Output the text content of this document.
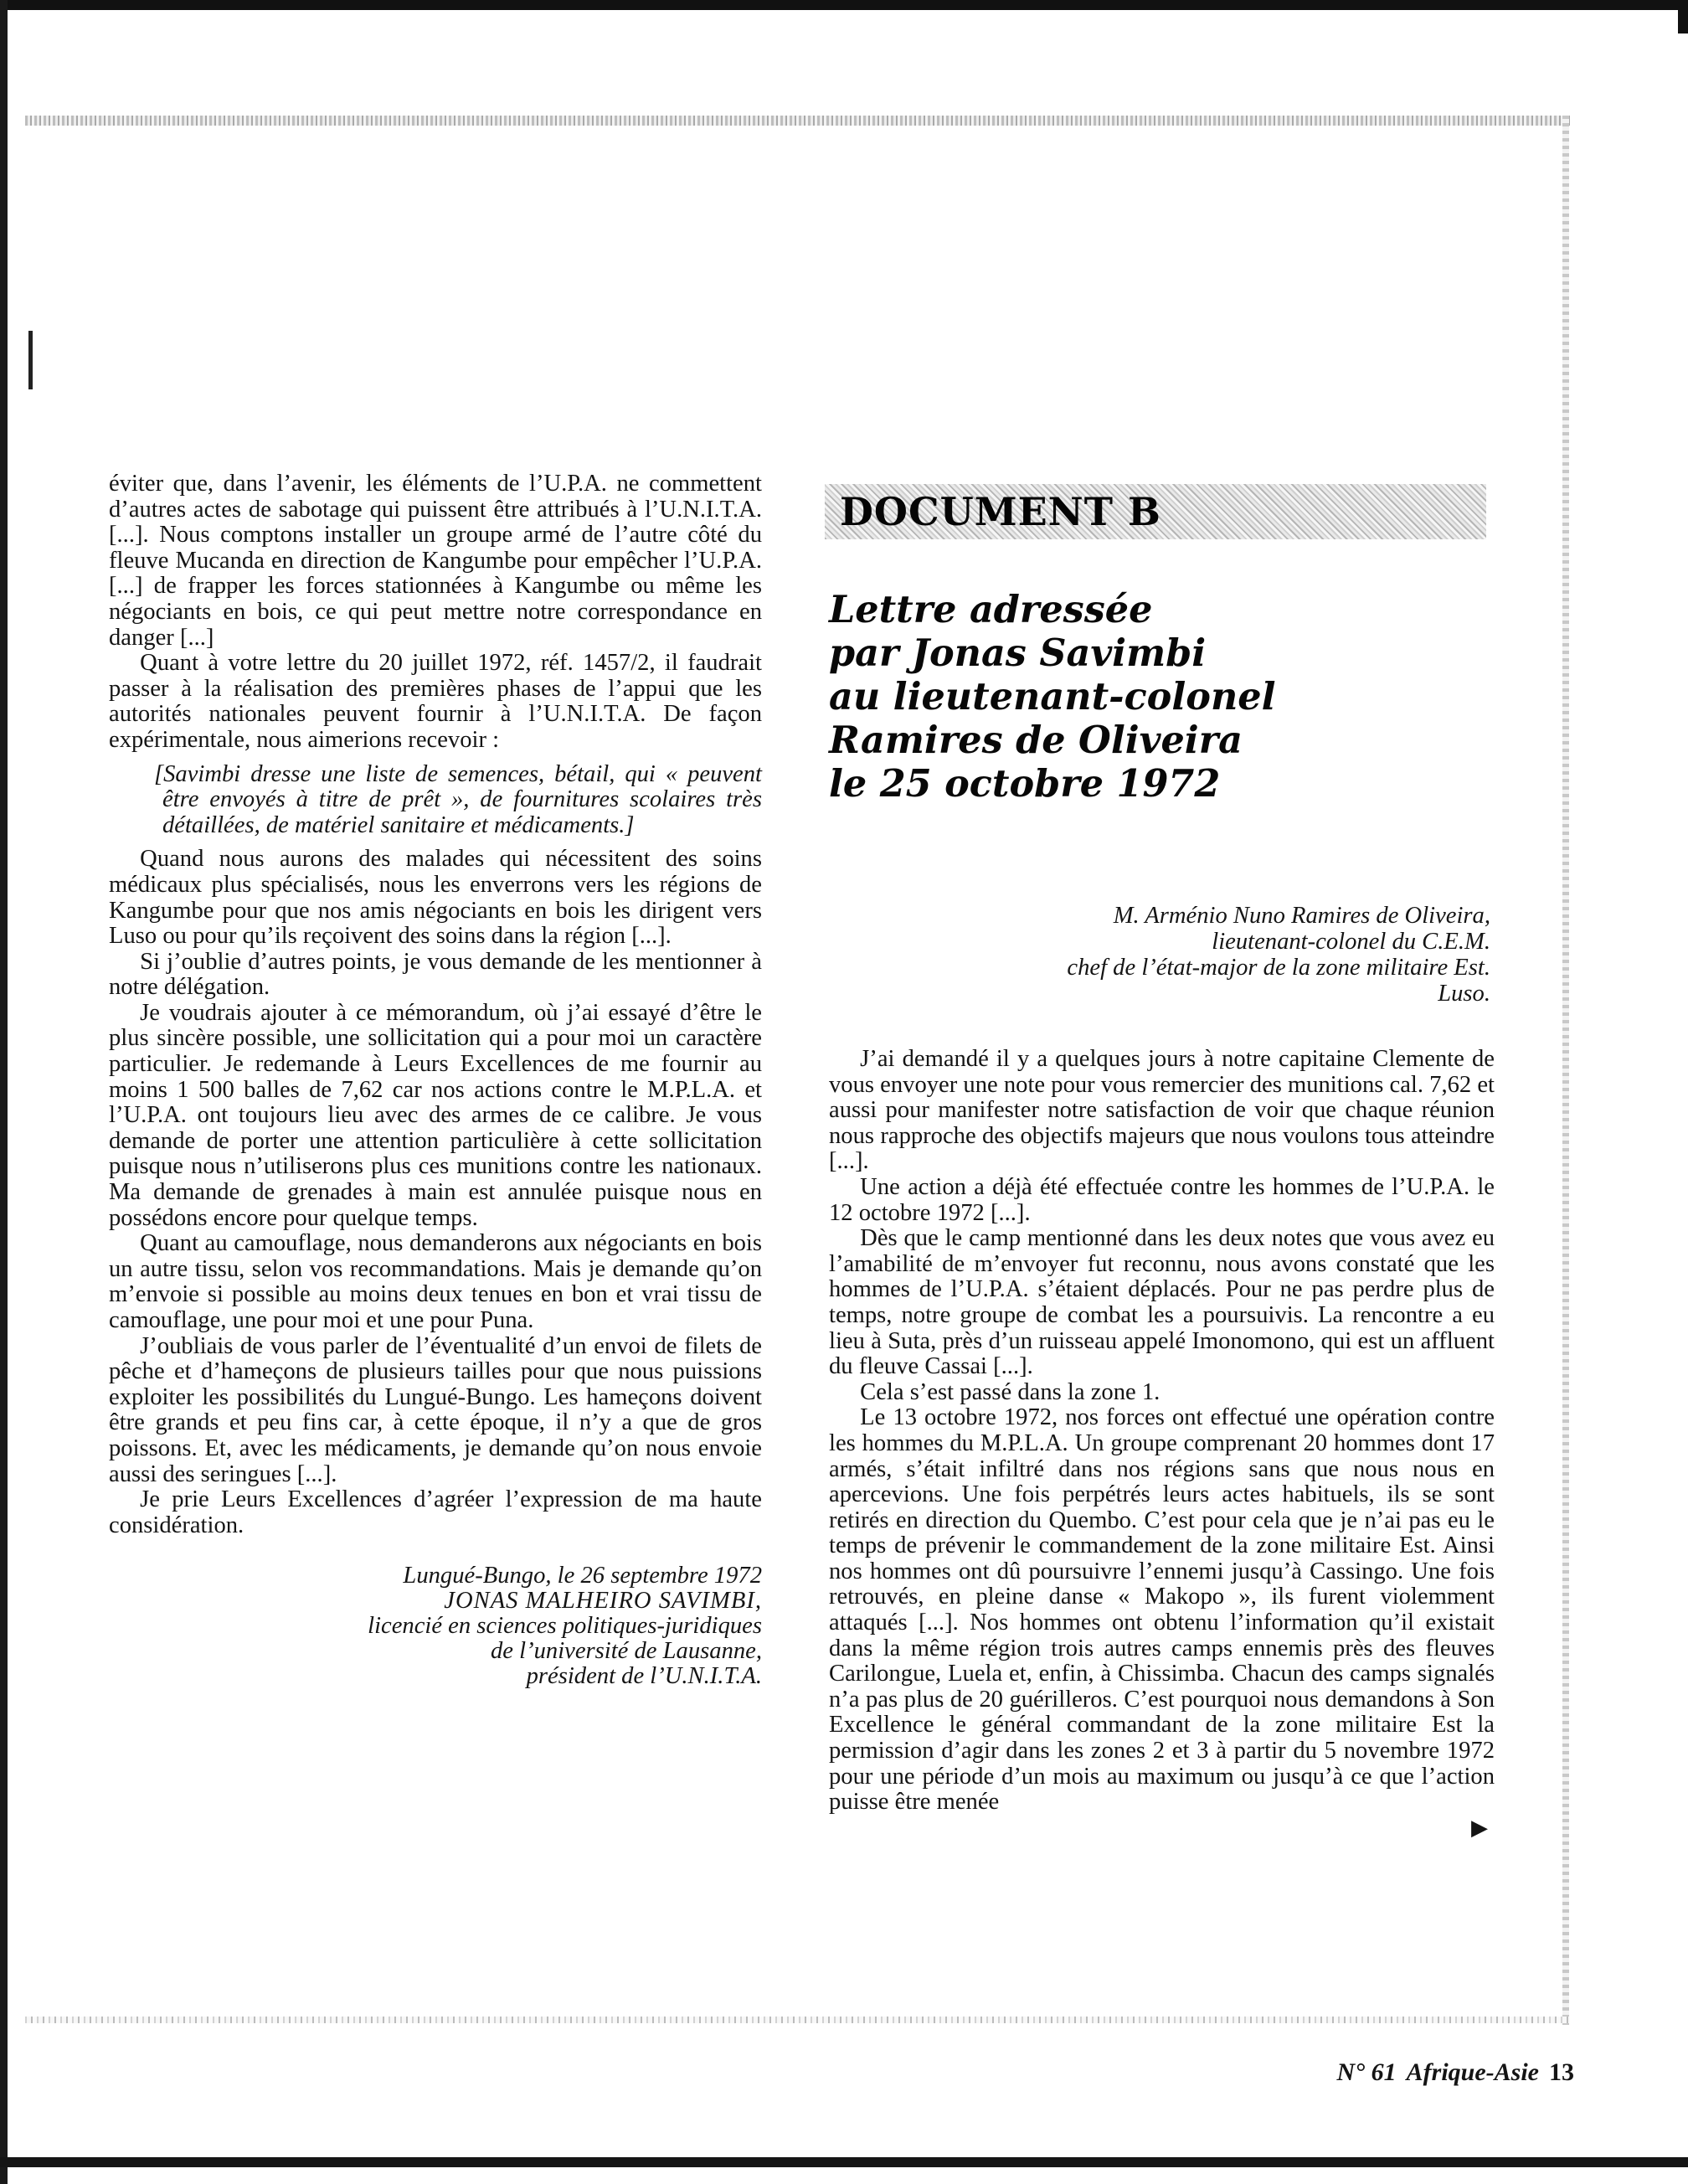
éviter que, dans l’avenir, les éléments de l’U.P.A. ne commettent d’autres actes de sabotage qui puissent être attribués à l’U.N.I.T.A. [...]. Nous comptons installer un groupe armé de l’autre côté du fleuve Mucanda en direction de Kangumbe pour empêcher l’U.P.A. [...] de frapper les forces stationnées à Kangumbe ou même les négociants en bois, ce qui peut mettre notre correspondance en danger [...]

Quant à votre lettre du 20 juillet 1972, réf. 1457/2, il faudrait passer à la réalisation des premières phases de l’appui que les autorités nationales peuvent fournir à l’U.N.I.T.A. De façon expérimentale, nous aimerions recevoir :

[Savimbi dresse une liste de semences, bétail, qui « peuvent être envoyés à titre de prêt », de fournitures scolaires très détaillées, de matériel sanitaire et médicaments.]

Quand nous aurons des malades qui nécessitent des soins médicaux plus spécialisés, nous les enverrons vers les régions de Kangumbe pour que nos amis négociants en bois les dirigent vers Luso ou pour qu’ils reçoivent des soins dans la région [...].

Si j’oublie d’autres points, je vous demande de les mentionner à notre délégation.

Je voudrais ajouter à ce mémorandum, où j’ai essayé d’être le plus sincère possible, une sollicitation qui a pour moi un caractère particulier. Je redemande à Leurs Excellences de me fournir au moins 1 500 balles de 7,62 car nos actions contre le M.P.L.A. et l’U.P.A. ont toujours lieu avec des armes de ce calibre. Je vous demande de porter une attention particulière à cette sollicitation puisque nous n’utiliserons plus ces munitions contre les nationaux. Ma demande de grenades à main est annulée puisque nous en possédons encore pour quelque temps.

Quant au camouflage, nous demanderons aux négociants en bois un autre tissu, selon vos recommandations. Mais je demande qu’on m’envoie si possible au moins deux tenues en bon et vrai tissu de camouflage, une pour moi et une pour Puna.

J’oubliais de vous parler de l’éventualité d’un envoi de filets de pêche et d’hameçons de plusieurs tailles pour que nous puissions exploiter les possibilités du Lungué-Bungo. Les hameçons doivent être grands et peu fins car, à cette époque, il n’y a que de gros poissons. Et, avec les médicaments, je demande qu’on nous envoie aussi des seringues [...].

Je prie Leurs Excellences d’agréer l’expression de ma haute considération.

Lungué-Bungo, le 26 septembre 1972
JONAS MALHEIRO SAVIMBI,
licencié en sciences politiques-juridiques
de l’université de Lausanne,
président de l’U.N.I.T.A.
DOCUMENT B
Lettre adressée
par Jonas Savimbi
au lieutenant-colonel
Ramires de Oliveira
le 25 octobre 1972
M. Arménio Nuno Ramires de Oliveira,
lieutenant-colonel du C.E.M.
chef de l’état-major de la zone militaire Est.
Luso.

J’ai demandé il y a quelques jours à notre capitaine Clemente de vous envoyer une note pour vous remercier des munitions cal. 7,62 et aussi pour manifester notre satisfaction de voir que chaque réunion nous rapproche des objectifs majeurs que nous voulons tous atteindre [...].

Une action a déjà été effectuée contre les hommes de l’U.P.A. le 12 octobre 1972 [...].

Dès que le camp mentionné dans les deux notes que vous avez eu l’amabilité de m’envoyer fut reconnu, nous avons constaté que les hommes de l’U.P.A. s’étaient déplacés. Pour ne pas perdre plus de temps, notre groupe de combat les a poursuivis. La rencontre a eu lieu à Suta, près d’un ruisseau appelé Imonomono, qui est un affluent du fleuve Cassai [...].

Cela s’est passé dans la zone 1.

Le 13 octobre 1972, nos forces ont effectué une opération contre les hommes du M.P.L.A. Un groupe comprenant 20 hommes dont 17 armés, s’était infiltré dans nos régions sans que nous nous en apercevions. Une fois perpétrés leurs actes habituels, ils se sont retirés en direction du Quembo. C’est pour cela que je n’ai pas eu le temps de prévenir le commandement de la zone militaire Est. Ainsi nos hommes ont dû poursuivre l’ennemi jusqu’à Cassingo. Une fois retrouvés, en pleine danse « Makopo », ils furent violemment attaqués [...]. Nos hommes ont obtenu l’information qu’il existait dans la même région trois autres camps ennemis près des fleuves Carilongue, Luela et, enfin, à Chissimba. Chacun des camps signalés n’a pas plus de 20 guérilleros. C’est pourquoi nous demandons à Son Excellence le général commandant de la zone militaire Est la permission d’agir dans les zones 2 et 3 à partir du 5 novembre 1972 pour une période d’un mois au maximum ou jusqu’à ce que l’action puisse être menée

▶
N° 61 Afrique-Asie 13
